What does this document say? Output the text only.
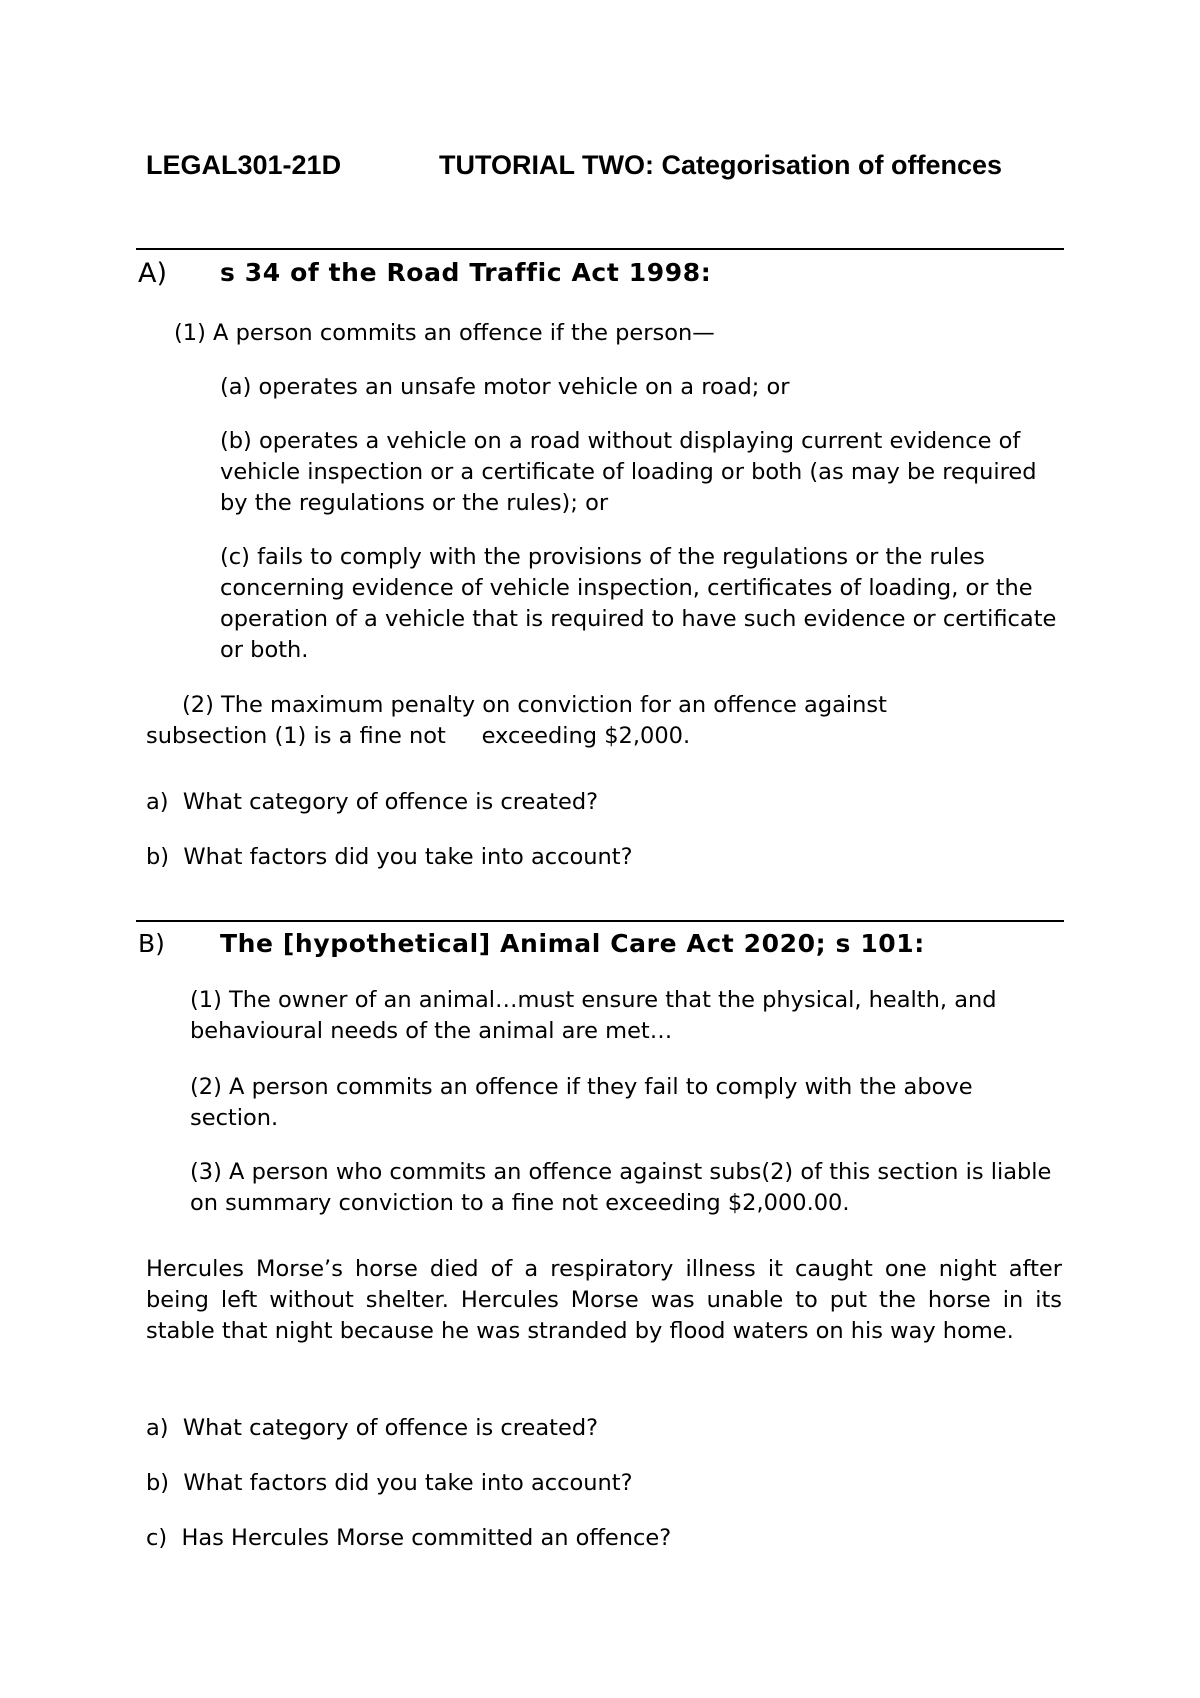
LEGAL301-21D	TUTORIAL TWO: Categorisation of offences
A) s 34 of the Road Traffic Act 1998:

(1) A person commits an offence if the person—

(a) operates an unsafe motor vehicle on a road; or

(b) operates a vehicle on a road without displaying current evidence of vehicle inspection or a certificate of loading or both (as may be required by the regulations or the rules); or

(c) fails to comply with the provisions of the regulations or the rules concerning evidence of vehicle inspection, certificates of loading, or the operation of a vehicle that is required to have such evidence or certificate or both.

(2) The maximum penalty on conviction for an offence against

subsection (1) is a fine not     exceeding $2,000.

a)  What category of offence is created?

b)  What factors did you take into account?

B) The [hypothetical] Animal Care Act 2020; s 101:

(1) The owner of an animal…must ensure that the physical, health, and behavioural needs of the animal are met…

(2) A person commits an offence if they fail to comply with the above section.

(3) A person who commits an offence against subs(2) of this section is liable on summary conviction to a fine not exceeding $2,000.00.

Hercules Morse’s horse died of a respiratory illness it caught one night after being left without shelter. Hercules Morse was unable to put the horse in its stable that night because he was stranded by flood waters on his way home.

a)  What category of offence is created?

b)  What factors did you take into account?

c)  Has Hercules Morse committed an offence?
